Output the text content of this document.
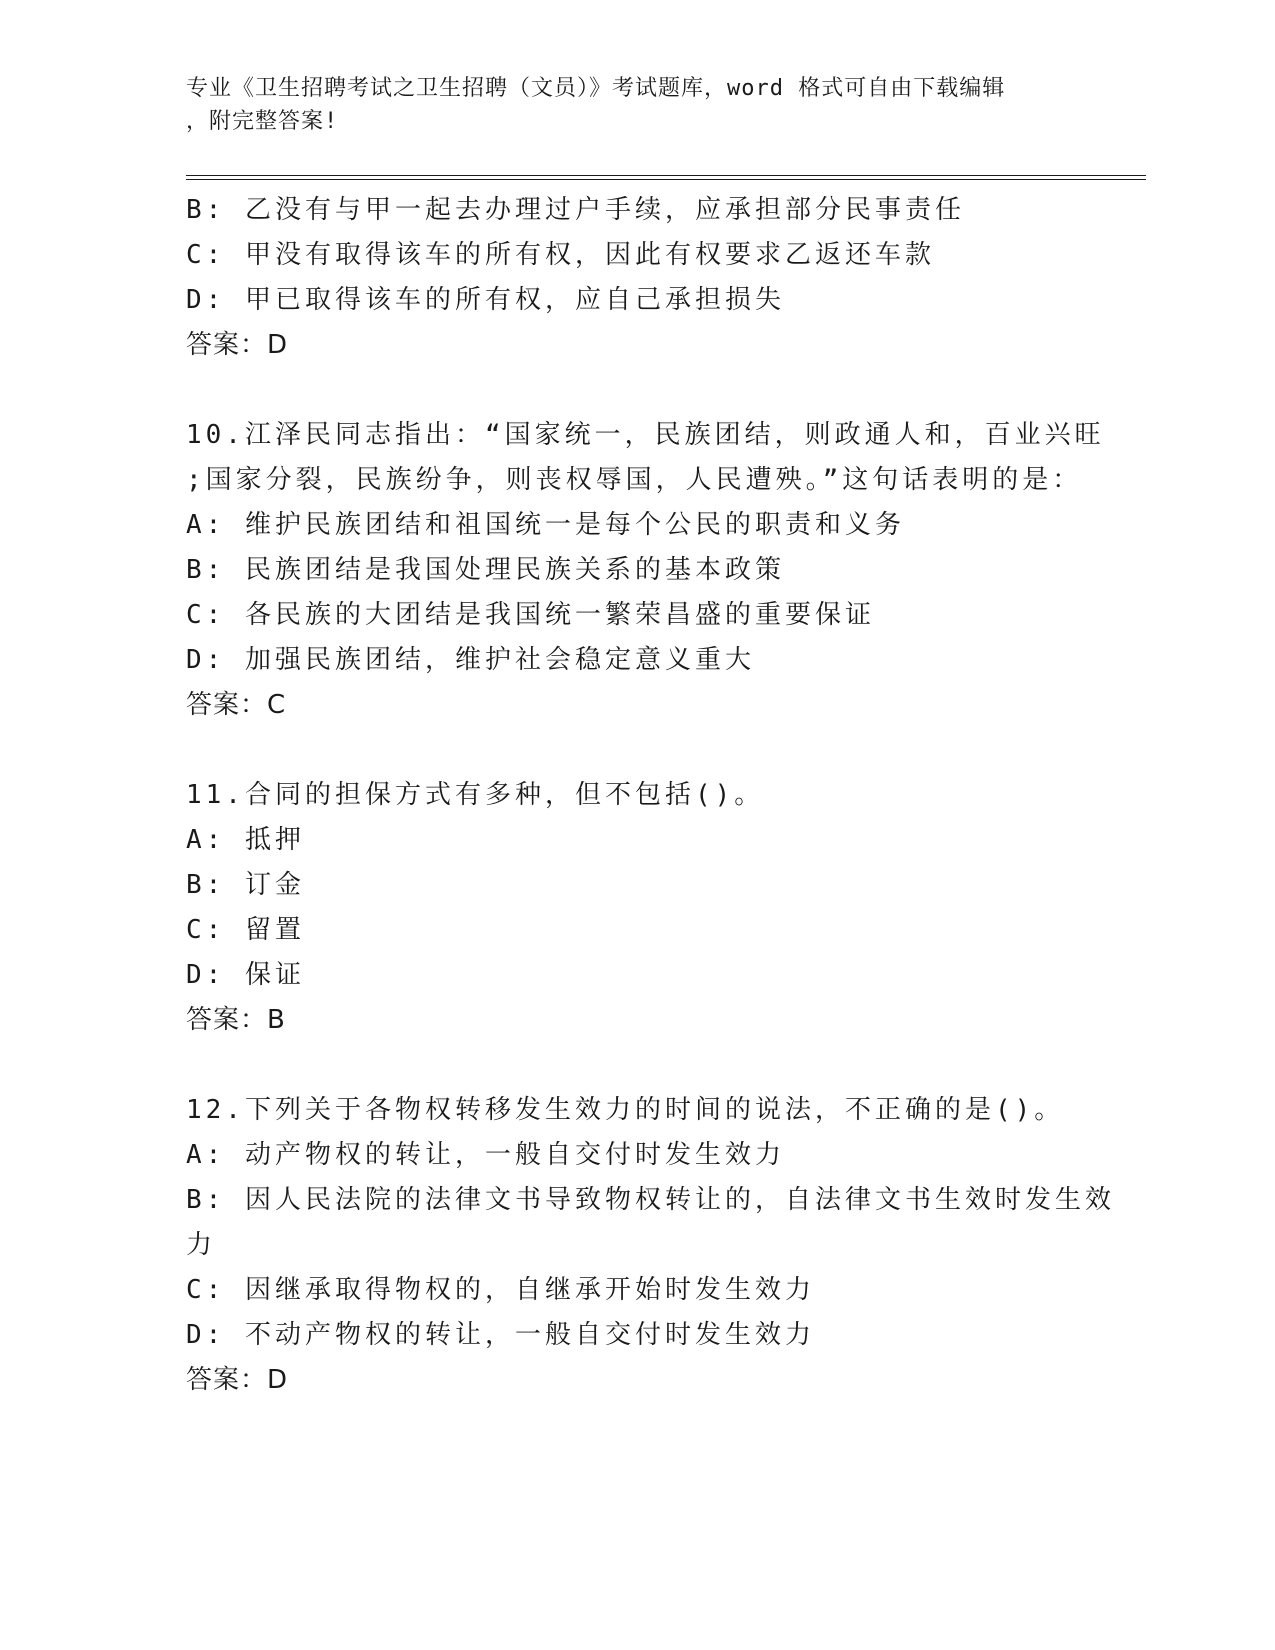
专业《卫生招聘考试之卫生招聘（文员）》考试题库，word 格式可自由下载编辑
，附完整答案!
B: 乙没有与甲一起去办理过户手续，应承担部分民事责任
C: 甲没有取得该车的所有权，因此有权要求乙返还车款
D: 甲已取得该车的所有权，应自己承担损失
答案：D
10.江泽民同志指出：“国家统一，民族团结，则政通人和，百业兴旺
;国家分裂，民族纷争，则丧权辱国，人民遭殃。”这句话表明的是：
A: 维护民族团结和祖国统一是每个公民的职责和义务
B: 民族团结是我国处理民族关系的基本政策
C: 各民族的大团结是我国统一繁荣昌盛的重要保证
D: 加强民族团结，维护社会稳定意义重大
答案：C
11.合同的担保方式有多种，但不包括()。
A: 抵押
B: 订金
C: 留置
D: 保证
答案：B
12.下列关于各物权转移发生效力的时间的说法，不正确的是()。
A: 动产物权的转让，一般自交付时发生效力
B: 因人民法院的法律文书导致物权转让的，自法律文书生效时发生效
力
C: 因继承取得物权的，自继承开始时发生效力
D: 不动产物权的转让，一般自交付时发生效力
答案：D
